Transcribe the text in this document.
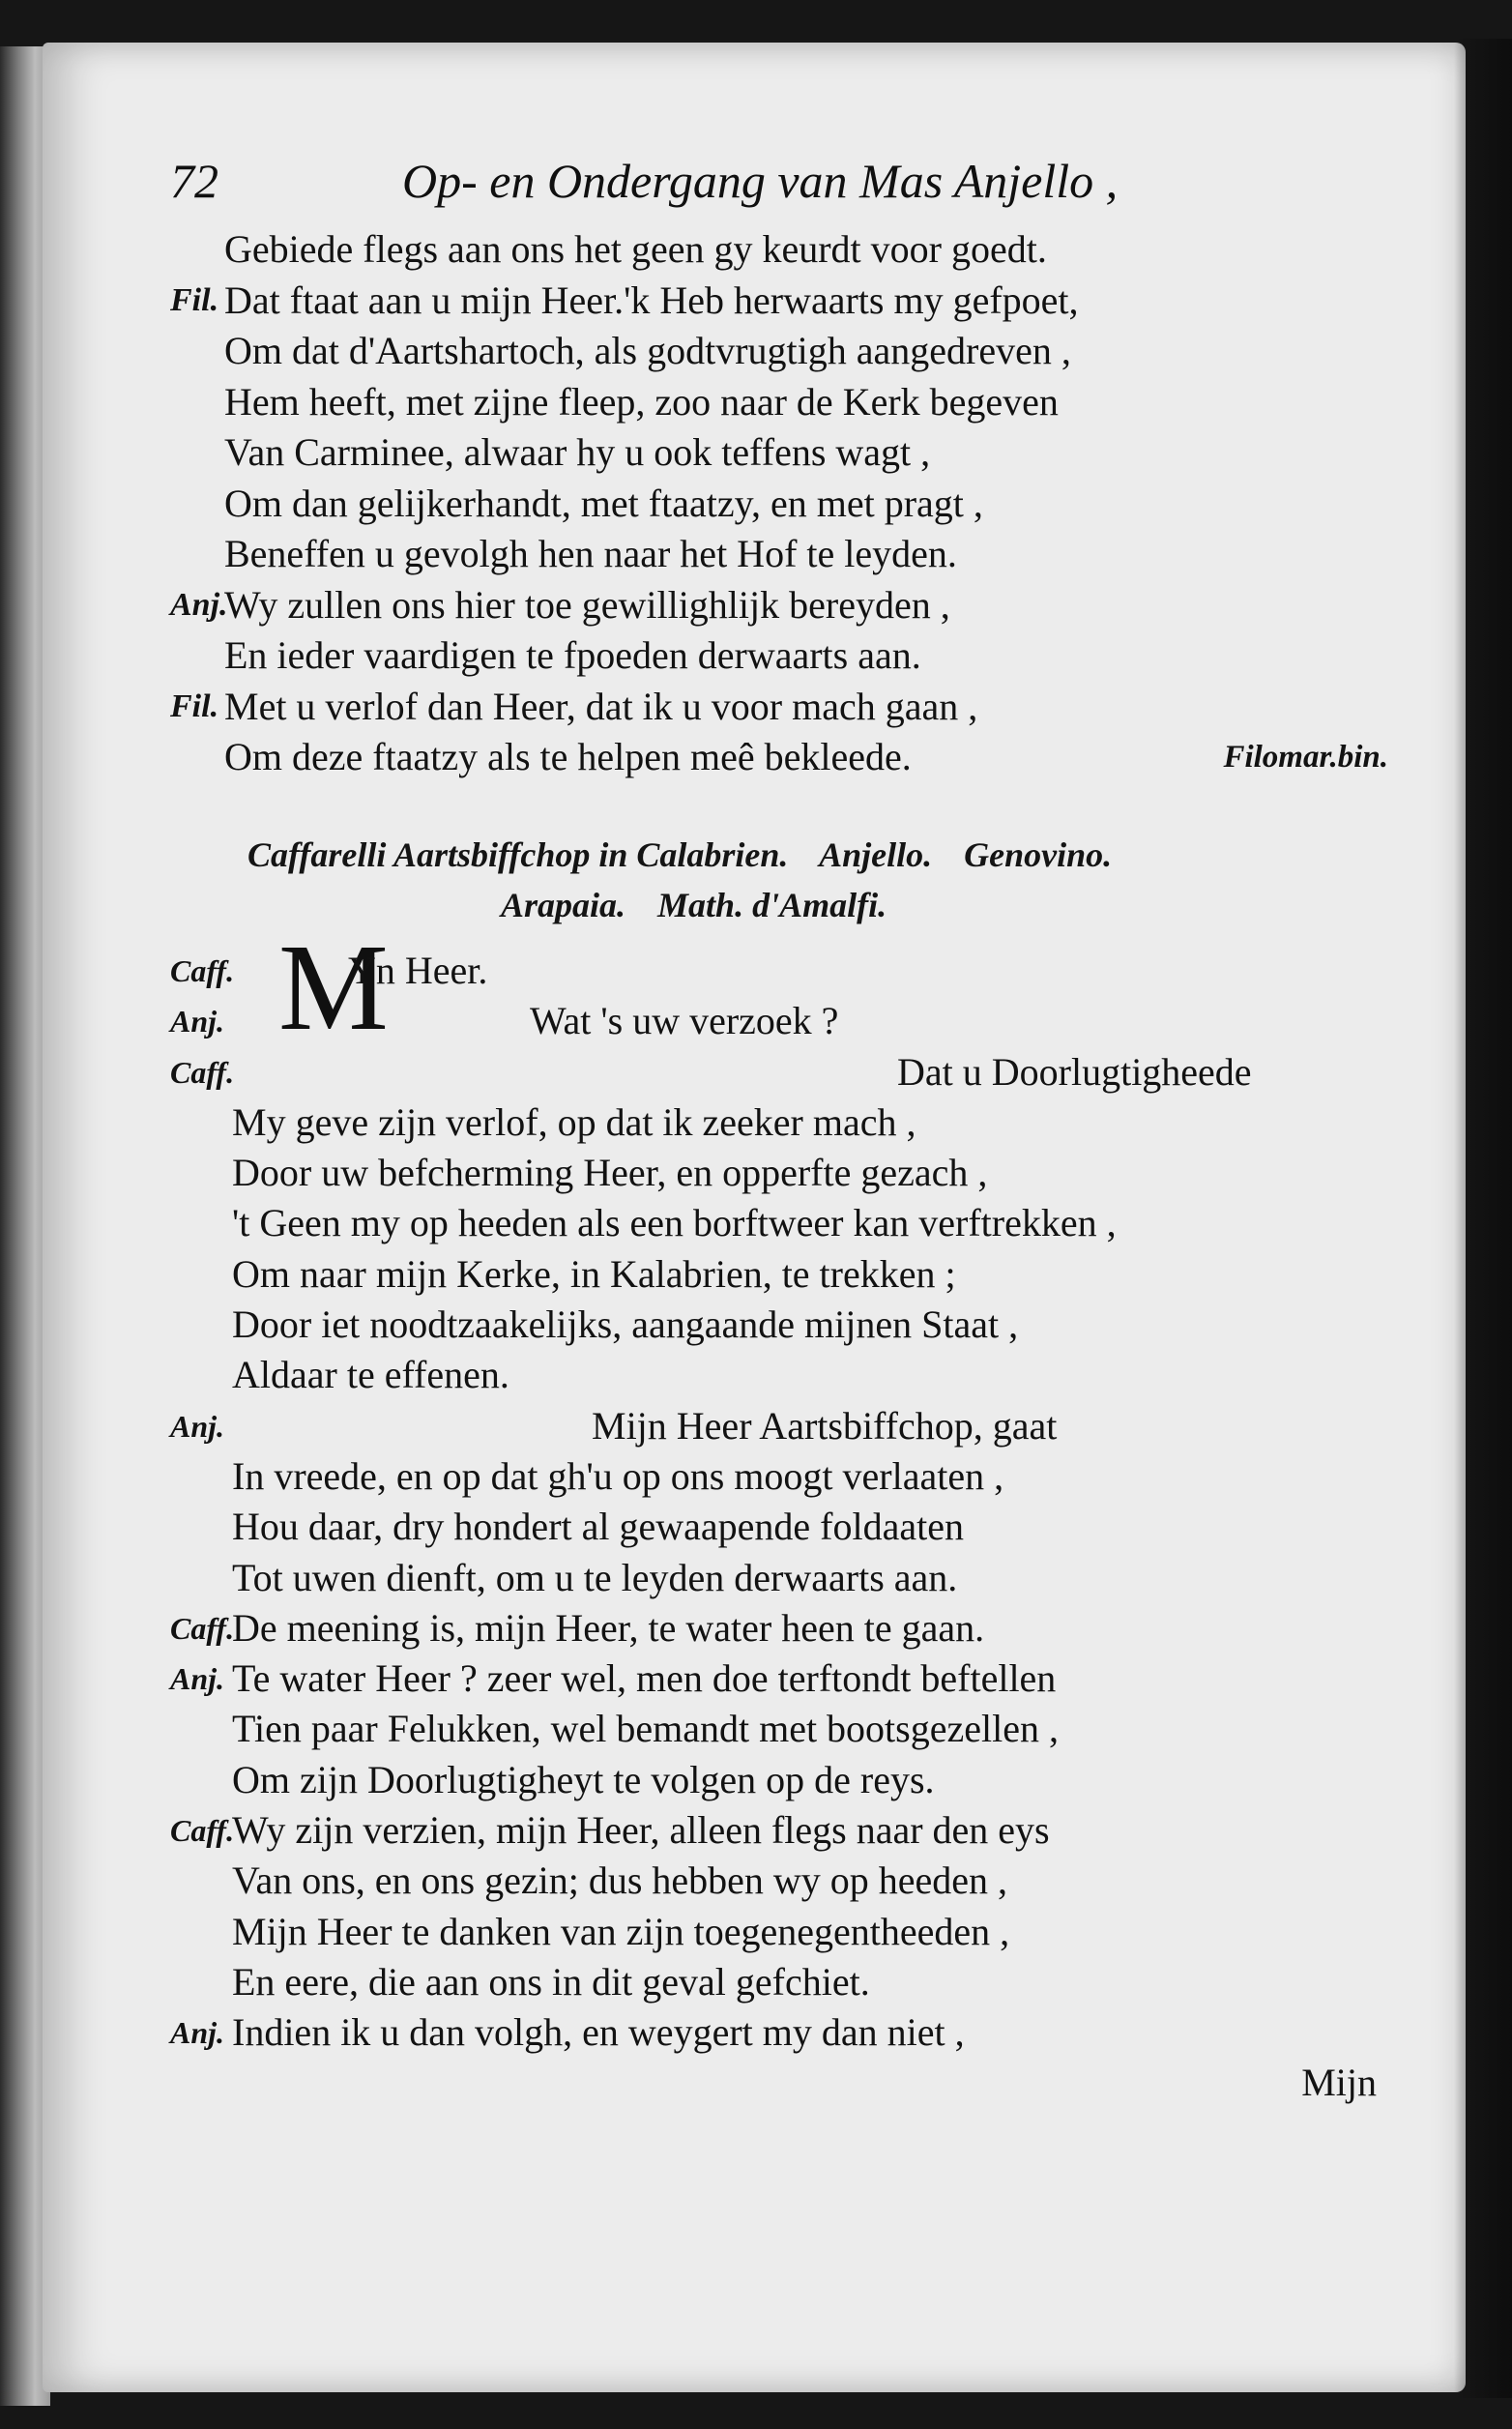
72	Op- en Ondergang van Mas Anjello ,
Gebiede flegs aan ons het geen gy keurdt voor goedt.
Fil. Dat ftaat aan u mijn Heer.'k Heb herwaarts my gefpoet,
Om dat d'Aartshartoch, als godtvrugtigh aangedreven ,
Hem heeft, met zijne fleep, zoo naar de Kerk begeven
Van Carminee, alwaar hy u ook teffens wagt ,
Om dan gelijkerhandt, met ftaatzy, en met pragt ,
Beneffen u gevolgh hen naar het Hof te leyden.
Anj.
Wy zullen ons hier toe gewillighlijk bereyden ,
En ieder vaardigen te fpoeden derwaarts aan.
Fil. Met u verlof dan Heer, dat ik u voor mach gaan ,
Om deze ftaatzy als te helpen meê bekleede.	Filomar.bin.
Caffarelli Aartsbiffchop in Calabrien. Anjello. Genovino.
Arapaia. Math. d'Amalfi.
Caff. M
Yn Heer.
Anj.	Wat 's uw verzoek ?
Caff.	Dat u Doorlugtigheede
My geve zijn verlof, op dat ik zeeker mach ,
Door uw befcherming Heer, en opperfte gezach ,
't Geen my op heeden als een borftweer kan verftrekken ,
Om naar mijn Kerke, in Kalabrien, te trekken ;
Door iet noodtzaakelijks, aangaande mijnen Staat ,
Aldaar te effenen.
Anj.	Mijn Heer Aartsbiffchop, gaat
In vreede, en op dat gh'u op ons moogt verlaaten ,
Hou daar, dry hondert al gewaapende foldaaten
Tot uwen dienft, om u te leyden derwaarts aan.
Caff.
De meening is, mijn Heer, te water heen te gaan.
Anj. Te water Heer ? zeer wel, men doe terftondt beftellen
Tien paar Felukken, wel bemandt met bootsgezellen ,
Om zijn Doorlugtigheyt te volgen op de reys.
Caff.
Wy zijn verzien, mijn Heer, alleen flegs naar den eys
Van ons, en ons gezin; dus hebben wy op heeden ,
Mijn Heer te danken van zijn toegenegentheeden ,
En eere, die aan ons in dit geval gefchiet.
Anj. Indien ik u dan volgh, en weygert my dan niet ,
Mijn
